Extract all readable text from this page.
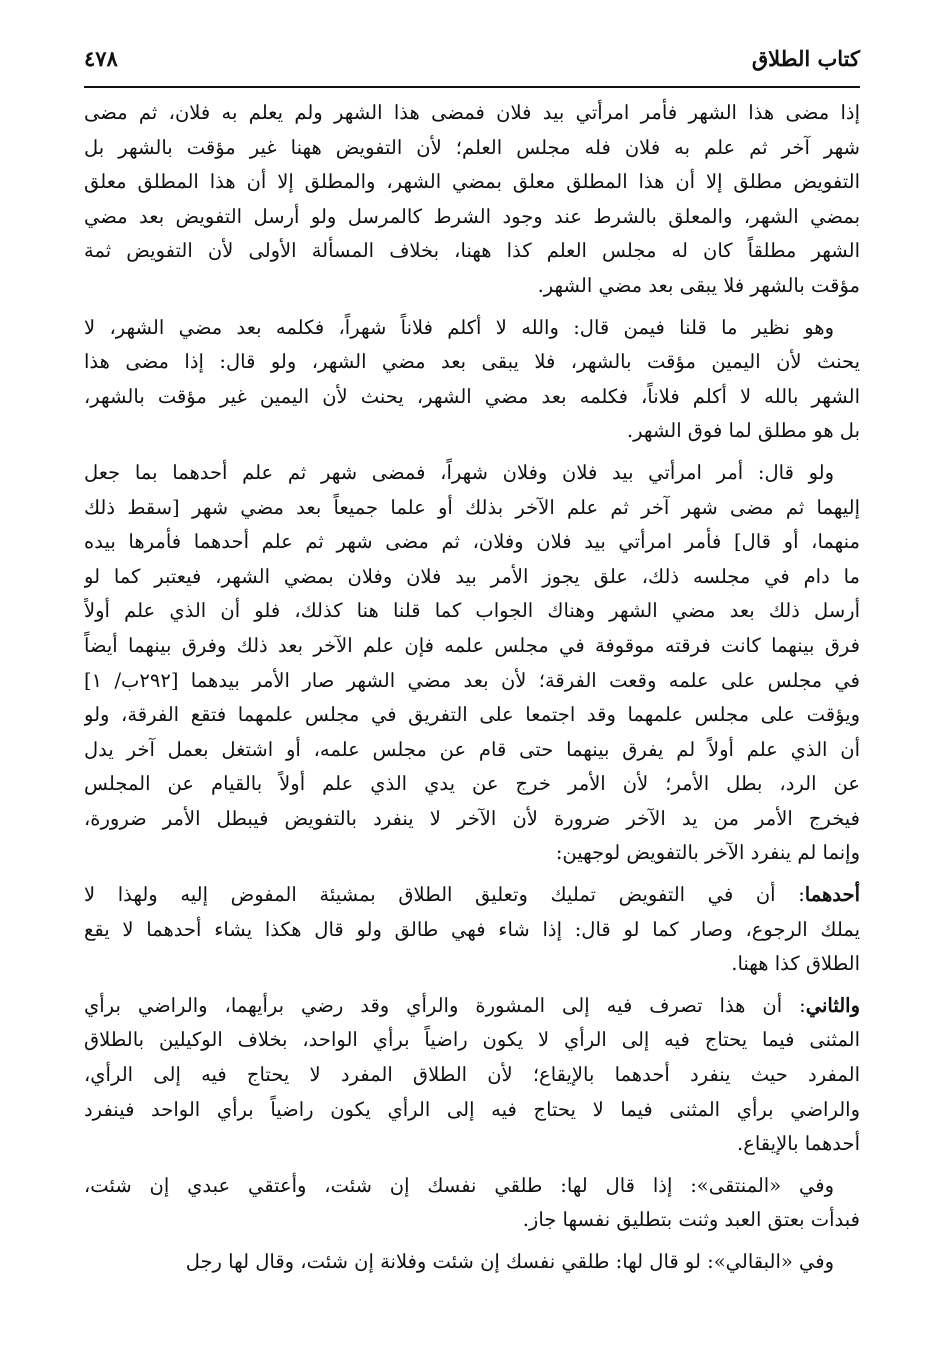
كتاب الطلاق
٤٧٨
إذا مضى هذا الشهر فأمر امرأتي بيد فلان فمضى هذا الشهر ولم يعلم به فلان، ثم مضى
شهر آخر ثم علم به فلان فله مجلس العلم؛ لأن التفويض ههنا غير مؤقت بالشهر بل
التفويض مطلق إلا أن هذا المطلق معلق بمضي الشهر، والمطلق إلا أن هذا المطلق معلق
بمضي الشهر، والمعلق بالشرط عند وجود الشرط كالمرسل ولو أرسل التفويض بعد مضي
الشهر مطلقاً كان له مجلس العلم كذا ههنا، بخلاف المسألة الأولى لأن التفويض ثمة
مؤقت بالشهر فلا يبقى بعد مضي الشهر.
وهو نظير ما قلنا فيمن قال: والله لا أكلم فلاناً شهراً، فكلمه بعد مضي الشهر، لا
يحنث لأن اليمين مؤقت بالشهر، فلا يبقى بعد مضي الشهر، ولو قال: إذا مضى هذا
الشهر بالله لا أكلم فلاناً، فكلمه بعد مضي الشهر، يحنث لأن اليمين غير مؤقت بالشهر،
بل هو مطلق لما فوق الشهر.
ولو قال: أمر امرأتي بيد فلان وفلان شهراً، فمضى شهر ثم علم أحدهما بما جعل
إليهما ثم مضى شهر آخر ثم علم الآخر بذلك أو علما جميعاً بعد مضي شهر [سقط ذلك
منهما، أو قال] فأمر امرأتي بيد فلان وفلان، ثم مضى شهر ثم علم أحدهما فأمرها بيده
ما دام في مجلسه ذلك، علق يجوز الأمر بيد فلان وفلان بمضي الشهر، فيعتبر كما لو
أرسل ذلك بعد مضي الشهر وهناك الجواب كما قلنا هنا كذلك، فلو أن الذي علم أولاً
فرق بينهما كانت فرقته موقوفة في مجلس علمه فإن علم الآخر بعد ذلك وفرق بينهما أيضاً
في مجلس على علمه وقعت الفرقة؛ لأن بعد مضي الشهر صار الأمر بيدهما [٢٩٢ب/ ١]
ويؤقت على مجلس علمهما وقد اجتمعا على التفريق في مجلس علمهما فتقع الفرقة، ولو
أن الذي علم أولاً لم يفرق بينهما حتى قام عن مجلس علمه، أو اشتغل بعمل آخر يدل
عن الرد، بطل الأمر؛ لأن الأمر خرج عن يدي الذي علم أولاً بالقيام عن المجلس
فيخرج الأمر من يد الآخر ضرورة لأن الآخر لا ينفرد بالتفويض فيبطل الأمر ضرورة،
وإنما لم ينفرد الآخر بالتفويض لوجهين:
أحدهما: أن في التفويض تمليك وتعليق الطلاق بمشيئة المفوض إليه ولهذا لا
يملك الرجوع، وصار كما لو قال: إذا شاء فهي طالق ولو قال هكذا يشاء أحدهما لا يقع
الطلاق كذا ههنا.
والثاني: أن هذا تصرف فيه إلى المشورة والرأي وقد رضي برأيهما، والراضي برأي
المثنى فيما يحتاج فيه إلى الرأي لا يكون راضياً برأي الواحد، بخلاف الوكيلين بالطلاق
المفرد حيث ينفرد أحدهما بالإيقاع؛ لأن الطلاق المفرد لا يحتاج فيه إلى الرأي،
والراضي برأي المثنى فيما لا يحتاج فيه إلى الرأي يكون راضياً برأي الواحد فينفرد
أحدهما بالإيقاع.
وفي «المنتقى»: إذا قال لها: طلقي نفسك إن شئت، وأعتقي عبدي إن شئت،
فبدأت بعتق العبد وثنت بتطليق نفسها جاز.
وفي «البقالي»: لو قال لها: طلقي نفسك إن شئت وفلانة إن شئت، وقال لها رجل
